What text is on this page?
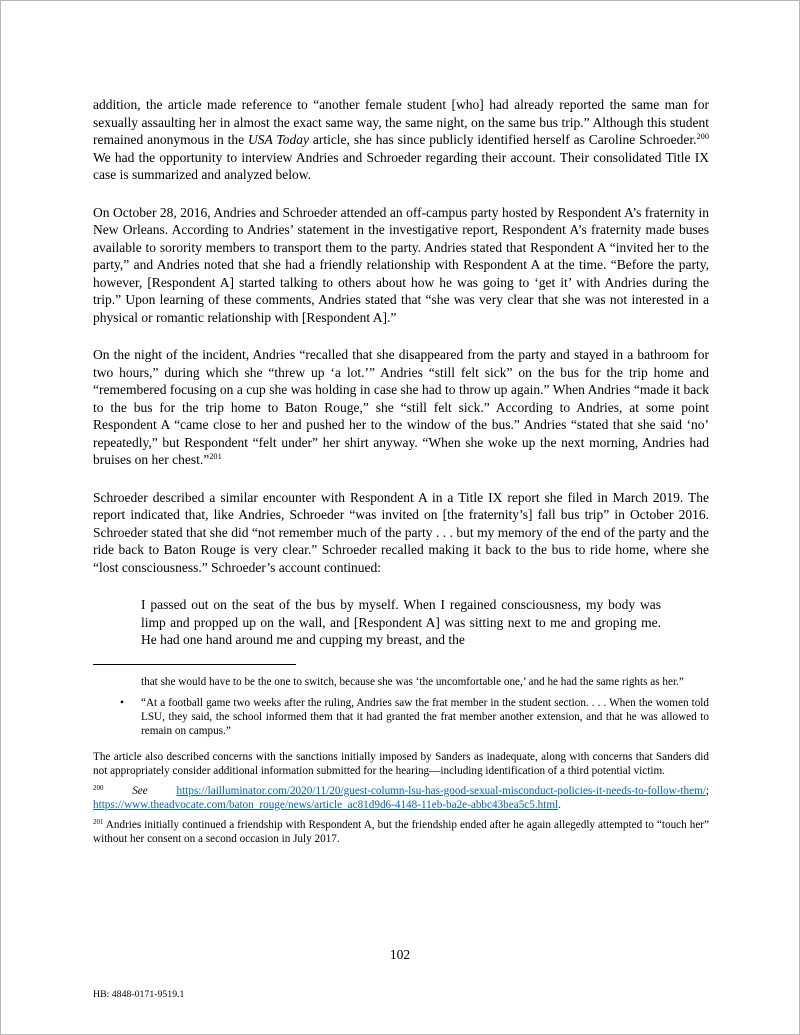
addition, the article made reference to “another female student [who] had already reported the same man for sexually assaulting her in almost the exact same way, the same night, on the same bus trip.” Although this student remained anonymous in the USA Today article, she has since publicly identified herself as Caroline Schroeder.$^{200}$ We had the opportunity to interview Andries and Schroeder regarding their account. Their consolidated Title IX case is summarized and analyzed below.

On October 28, 2016, Andries and Schroeder attended an off-campus party hosted by Respondent A’s fraternity in New Orleans. According to Andries’ statement in the investigative report, Respondent A’s fraternity made buses available to sorority members to transport them to the party. Andries stated that Respondent A “invited her to the party,” and Andries noted that she had a friendly relationship with Respondent A at the time. “Before the party, however, [Respondent A] started talking to others about how he was going to ‘get it’ with Andries during the trip.” Upon learning of these comments, Andries stated that “she was very clear that she was not interested in a physical or romantic relationship with [Respondent A].”

On the night of the incident, Andries “recalled that she disappeared from the party and stayed in a bathroom for two hours,” during which she “threw up ‘a lot.’” Andries “still felt sick” on the bus for the trip home and “remembered focusing on a cup she was holding in case she had to throw up again.” When Andries “made it back to the bus for the trip home to Baton Rouge,” she “still felt sick.” According to Andries, at some point Respondent A “came close to her and pushed her to the window of the bus.” Andries “stated that she said ‘no’ repeatedly,” but Respondent “felt under” her shirt anyway. “When she woke up the next morning, Andries had bruises on her chest.”$^{201}$

Schroeder described a similar encounter with Respondent A in a Title IX report she filed in March 2019. The report indicated that, like Andries, Schroeder “was invited on [the fraternity’s] fall bus trip” in October 2016. Schroeder stated that she did “not remember much of the party . . . but my memory of the end of the party and the ride back to Baton Rouge is very clear.” Schroeder recalled making it back to the bus to ride home, where she “lost consciousness.” Schroeder’s account continued:

I passed out on the seat of the bus by myself. When I regained consciousness, my body was limp and propped up on the wall, and [Respondent A] was sitting next to me and groping me. He had one hand around me and cupping my breast, and the

that she would have to be the one to switch, because she was ‘the uncomfortable one,’ and he had the same rights as her.”

• “At a football game two weeks after the ruling, Andries saw the frat member in the student section. . . . When the women told LSU, they said, the school informed them that it had granted the frat member another extension, and that he was allowed to remain on campus.”

The article also described concerns with the sanctions initially imposed by Sanders as inadequate, along with concerns that Sanders did not appropriately consider additional information submitted for the hearing—including identification of a third potential victim.

$^{200}$ See https://lailluminator.com/2020/11/20/guest-column-lsu-has-good-sexual-misconduct-policies-it-needs-to-follow-them/; https://www.theadvocate.com/baton_rouge/news/article_ac81d9d6-4148-11eb-ba2e-abbc43bea5c5.html.

$^{201}$ Andries initially continued a friendship with Respondent A, but the friendship ended after he again allegedly attempted to “touch her” without her consent on a second occasion in July 2017.

102
HB: 4848-0171-9519.1
